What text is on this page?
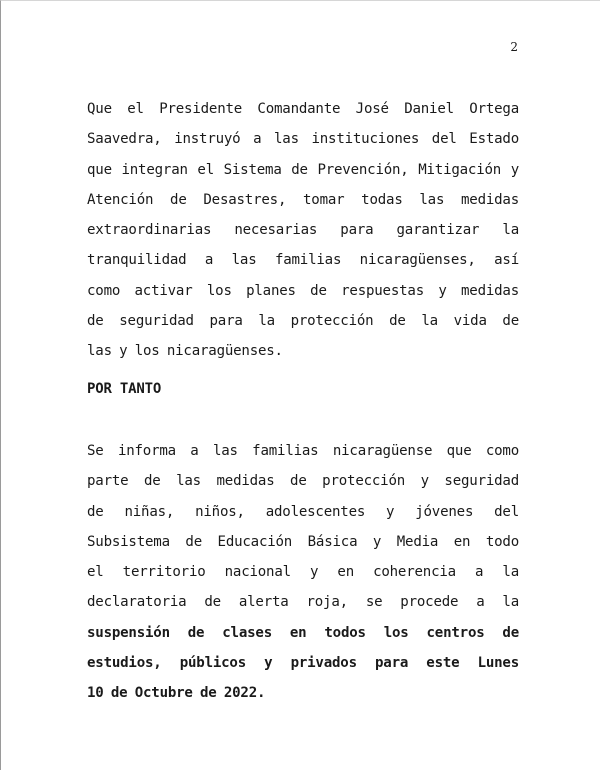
2
Que el Presidente Comandante José Daniel Ortega
Saavedra, instruyó a las instituciones del Estado
que integran el Sistema de Prevención, Mitigación y
Atención de Desastres, tomar todas las medidas
extraordinarias necesarias para garantizar la
tranquilidad a las familias nicaragüenses, así
como activar los planes de respuestas y medidas
de seguridad para la protección de la vida de
las y los nicaragüenses.
POR TANTO
Se informa a las familias nicaragüense que como
parte de las medidas de protección y seguridad
de niñas, niños, adolescentes y jóvenes del
Subsistema de Educación Básica y Media en todo
el territorio nacional y en coherencia a la
declaratoria de alerta roja, se procede a la
suspensión de clases en todos los centros de
estudios, públicos y privados para este Lunes
10 de Octubre de 2022.
